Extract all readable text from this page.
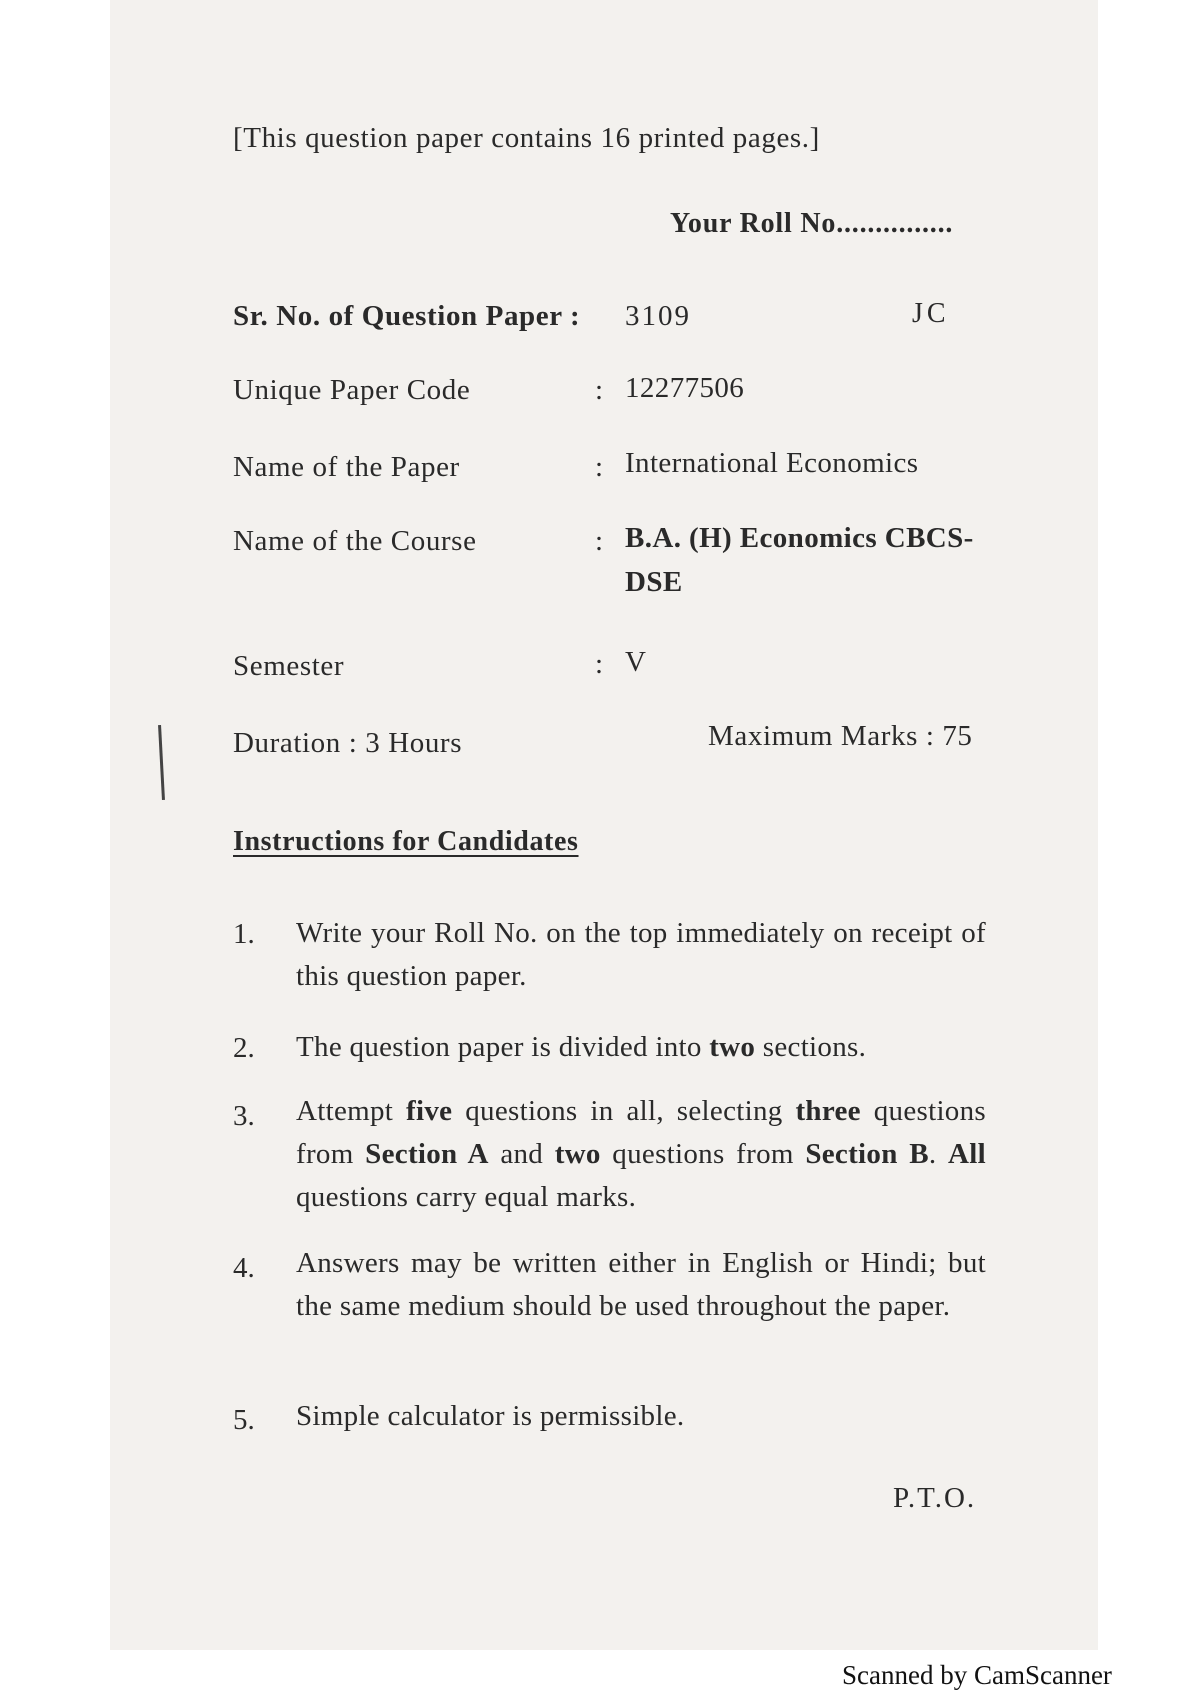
[This question paper contains 16 printed pages.]
Your Roll No...............
Sr. No. of Question Paper : 3109	JC
Unique Paper Code	: 12277506
Name of the Paper	: International Economics
Name of the Course	: B.A. (H) Economics CBCS-
DSE
Semester	: V
Duration : 3 Hours	Maximum Marks : 75
Instructions for Candidates
1. Write your Roll No. on the top immediately on receipt of this question paper.
2. The question paper is divided into two sections.
3. Attempt five questions in all, selecting three questions from Section A and two questions from Section B. All questions carry equal marks.
4. Answers may be written either in English or Hindi; but the same medium should be used throughout the paper.
5. Simple calculator is permissible.
P.T.O.
Scanned by CamScanner
